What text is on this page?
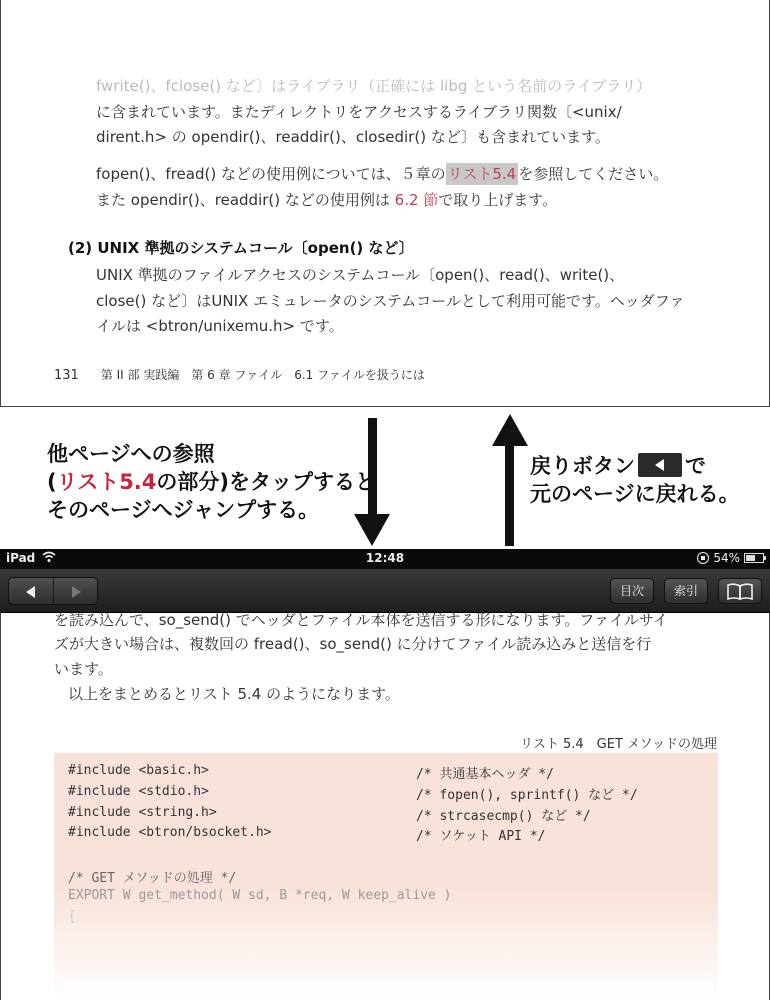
fwrite()、fclose() など〕はライブラリ（正確には libg という名前のライブラリ）
に含まれています。またディレクトリをアクセスするライブラリ関数〔<unix/
dirent.h> の opendir()、readdir()、closedir() など〕も含まれています。
fopen()、fread() などの使用例については、５章の リスト5.4 を参照してください。
また opendir()、readdir() などの使用例は 6.2 節で取り上げます。
(2) UNIX 準拠のシステムコール〔open() など〕
UNIX 準拠のファイルアクセスのシステムコール〔open()、read()、write()、
close() など〕はUNIX エミュレータのシステムコールとして利用可能です。ヘッダファ
イルは <btron/unixemu.h> です。
131 第 II 部 実践編　第 6 章 ファイル　6.1 ファイルを扱うには
他ページへの参照
(リスト5.4の部分)をタップすると
そのページへジャンプする。
戻りボタン で
元のページに戻れる。
iPad	12:48	54%
目次	索引
を読み込んで、so_send() でヘッダとファイル本体を送信する形になります。ファイルサイ
ズが大きい場合は、複数回の fread()、so_send() に分けてファイル読み込みと送信を行
います。
以上をまとめるとリスト 5.4 のようになります。
リスト 5.4　GET メソッドの処理
#include <basic.h>	/* 共通基本ヘッダ */
#include <stdio.h>	/* fopen(), sprintf() など */
#include <string.h>	/* strcasecmp() など */
#include <btron/bsocket.h>	/* ソケット API */
/* GET メソッドの処理 */
EXPORT W get_method( W sd, B *req, W keep_alive )
{
